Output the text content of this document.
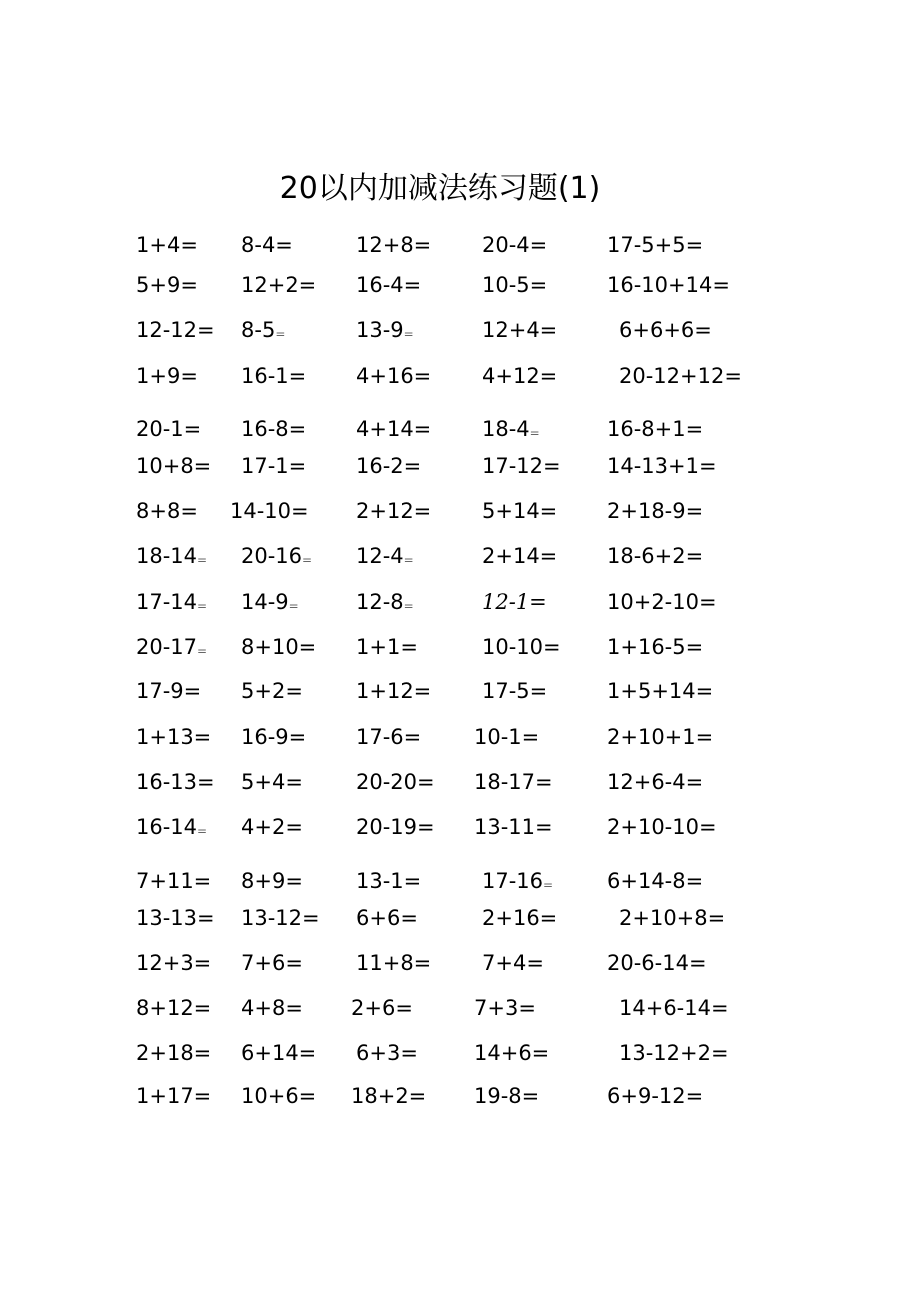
20以内加减法练习题(1)
1+4= 8-4=	12+8= 20-4=	17-5+5=
5+9= 12+2= 16-4=	10-5=	16-10+14=
12-12= 8-5=	13-9=	12+4=	6+6+6=
1+9= 16-1= 4+16= 4+12=	20-12+12=
20-1= 16-8= 4+14= 18-4=	16-8+1=
10+8= 17-1= 16-2=	17-12= 14-13+1=
8+8= 14-10= 2+12= 5+14= 2+18-9=
18-14= 20-16= 12-4=	2+14= 18-6+2=
17-14= 14-9=	12-8=	12-1=	10+2-10=
20-17= 8+10= 1+1=	10-10= 1+16-5=
17-9= 5+2=	1+12= 17-5=	1+5+14=
1+13= 16-9= 17-6=	10-1=	2+10+1=
16-13= 5+4=	20-20= 18-17=	12+6-4=
16-14= 4+2=	20-19= 13-11=	2+10-10=
7+11= 8+9=	13-1=	17-16=	6+14-8=
13-13= 13-12= 6+6=	2+16=	2+10+8=
12+3= 7+6=	11+8= 7+4=	20-6-14=
8+12= 4+8= 2+6=	7+3=	14+6-14=
2+18= 6+14= 6+3=	14+6=	13-12+2=
1+17= 10+6= 18+2= 19-8=	6+9-12=
